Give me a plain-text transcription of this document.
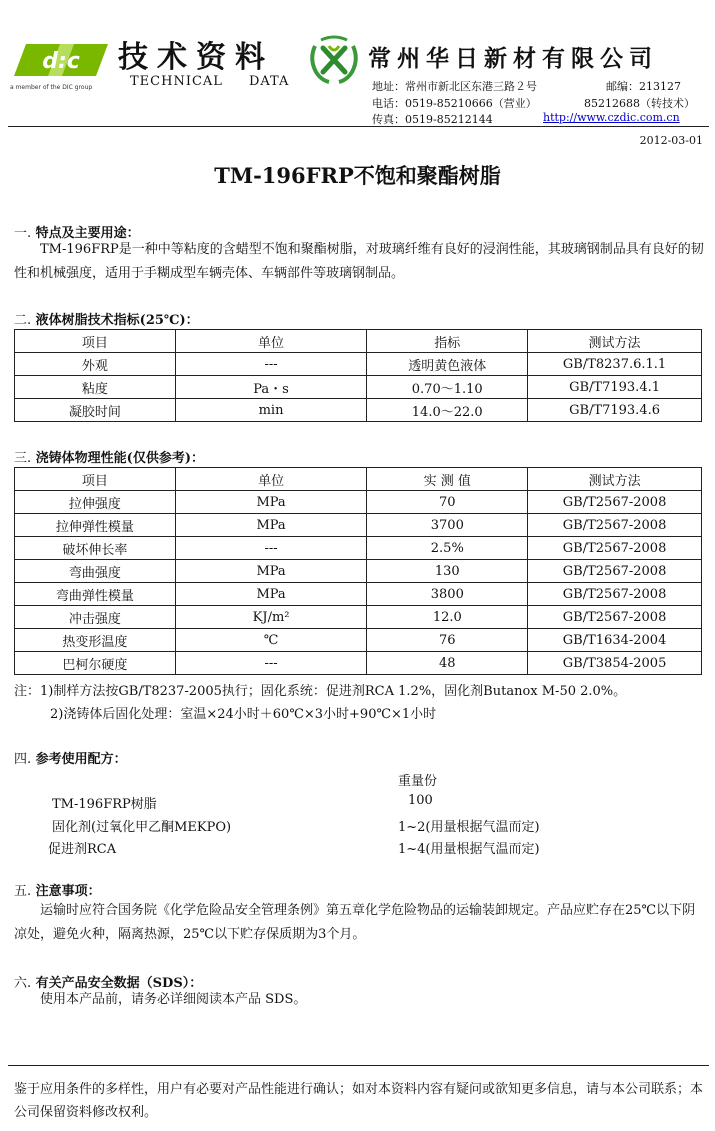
d:c
a member of the DIC group
技术资料
TECHNICAL DATA
常州华日新材有限公司
地址：常州市新北区东港三路２号	邮编：213127
电话：0519-85210666（营业）	85212688（转技术）
传真：0519-85212144	http://www.czdic.com.cn
2012-03-01
TM-196FRP不饱和聚酯树脂
一. 特点及主要用途：

TM-196FRP是一种中等粘度的含蜡型不饱和聚酯树脂，对玻璃纤维有良好的浸润性能，其玻璃钢制品具有良好的韧性和机械强度，适用于手糊成型车辆壳体、车辆部件等玻璃钢制品。

二. 液体树脂技术指标(25℃)：
项目	单位	指标	测试方法
外观	---	透明黄色液体	GB/T8237.6.1.1
粘度	Pa・s	0.70～1.10	GB/T7193.4.1
凝胶时间	min	14.0～22.0	GB/T7193.4.6
三. 浇铸体物理性能(仅供参考)：
项目	单位	实 测 值	测试方法
拉伸强度	MPa	70	GB/T2567-2008
拉伸弹性模量	MPa	3700	GB/T2567-2008
破坏伸长率	---	2.5%	GB/T2567-2008
弯曲强度	MPa	130	GB/T2567-2008
弯曲弹性模量	MPa	3800	GB/T2567-2008
冲击强度	KJ/m²	12.0	GB/T2567-2008
热变形温度	℃	76	GB/T1634-2004
巴柯尔硬度	---	48	GB/T3854-2005
注：1)制样方法按GB/T8237-2005执行；固化系统：促进剂RCA 1.2%，固化剂Butanox M-50 2.0%。
2)浇铸体后固化处理：室温×24小时＋60℃×3小时+90℃×1小时
四. 参考使用配方：
重量份
TM-196FRP树脂	100
固化剂(过氧化甲乙酮MEKPO)	1~2(用量根据气温而定)
促进剂RCA	1~4(用量根据气温而定)
五. 注意事项：

运输时应符合国务院《化学危险品安全管理条例》第五章化学危险物品的运输装卸规定。产品应贮存在25℃以下阴凉处，避免火种，隔离热源，25℃以下贮存保质期为3个月。

六. 有关产品安全数据（SDS）：

使用本产品前，请务必详细阅读本产品 SDS。

鉴于应用条件的多样性，用户有必要对产品性能进行确认；如对本资料内容有疑问或欲知更多信息，请与本公司联系；本公司保留资料修改权利。
